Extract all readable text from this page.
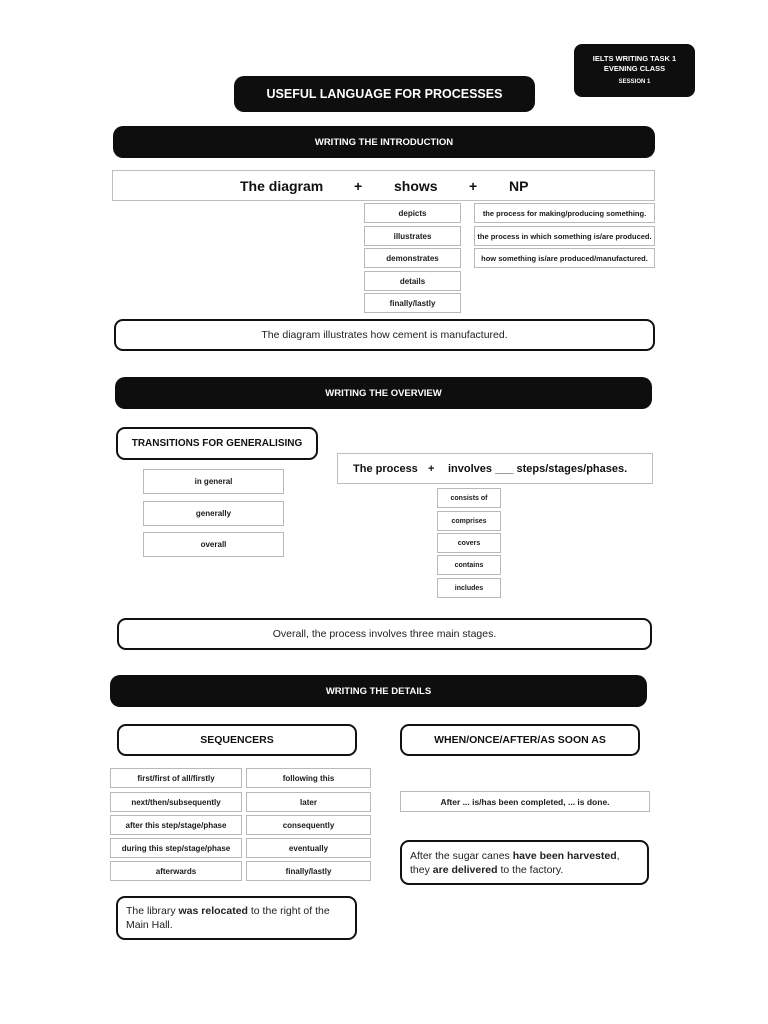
IELTS WRITING TASK 1
EVENING CLASS
SESSION 1
USEFUL LANGUAGE FOR PROCESSES
WRITING THE INTRODUCTION
The diagram + shows + NP
depicts
illustrates
demonstrates
details
finally/lastly
the process for making/producing something.
the process in which something is/are produced.
how something is/are produced/manufactured.
The diagram illustrates how cement is manufactured.
WRITING THE OVERVIEW
TRANSITIONS FOR GENERALISING
in general
generally
overall
The process + involves ___ steps/stages/phases.
consists of
comprises
covers
contains
includes
Overall, the process involves three main stages.
WRITING THE DETAILS
SEQUENCERS	WHEN/ONCE/AFTER/AS SOON AS
first/first of all/firstly
next/then/subsequently
after this step/stage/phase
during this step/stage/phase
afterwards
following this
later
consequently
eventually
finally/lastly
After ... is/has been completed, ... is done.
After the sugar canes have been harvested, they are delivered to the factory.
The library was relocated to the right of the Main Hall.
